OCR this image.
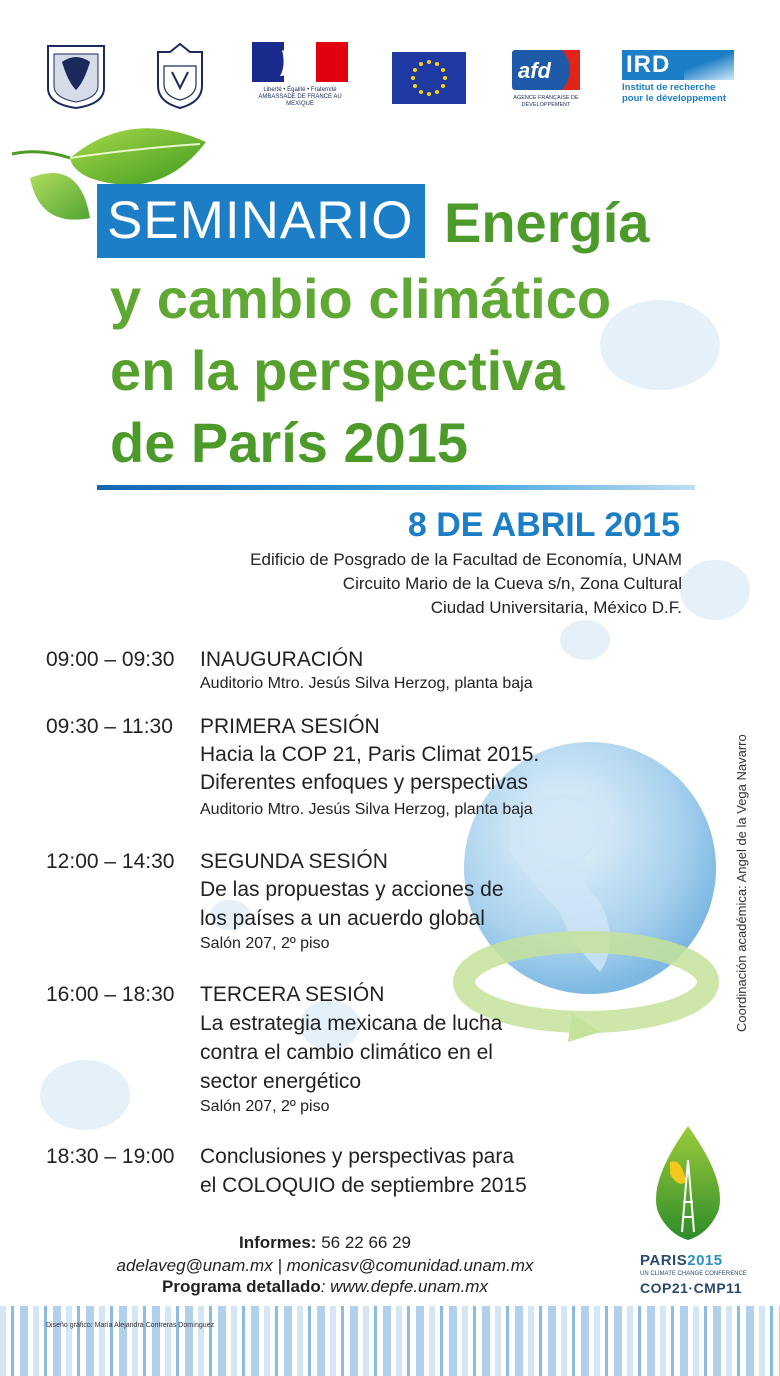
Liberté • Égalité • Fraternité
AMBASSADE DE FRANCE AU MEXIQUE
afd
AGENCE FRANÇAISE DE DÉVELOPPEMENT
IRD
Institut de recherche
pour le développement
SEMINARIO Energía
y cambio climático
en la perspectiva
de París 2015
8 DE ABRIL 2015
Edificio de Posgrado de la Facultad de Economía, UNAM
Circuito Mario de la Cueva s/n, Zona Cultural
Ciudad Universitaria, México D.F.
09:00 – 09:30 INAUGURACIÓN
Auditorio Mtro. Jesús Silva Herzog, planta baja
09:30 – 11:30 PRIMERA SESIÓN
Hacia la COP 21, Paris Climat 2015.
Diferentes enfoques y perspectivas
Auditorio Mtro. Jesús Silva Herzog, planta baja
12:00 – 14:30 SEGUNDA SESIÓN
De las propuestas y acciones de
los países a un acuerdo global
Salón 207, 2º piso
16:00 – 18:30 TERCERA SESIÓN
La estrategia mexicana de lucha
contra el cambio climático en el
sector energético
Salón 207, 2º piso
18:30 – 19:00 Conclusiones y perspectivas para
el COLOQUIO de septiembre 2015
Coordinación académica: Angel de la Vega Navarro
Informes: 56 22 66 29
adelaveg@unam.mx | monicasv@comunidad.unam.mx
Programa detallado: www.depfe.unam.mx
PARIS2015
UN CLIMATE CHANGE CONFERENCE
COP21·CMP11
Diseño gráfico: María Alejandra Contreras Domínguez
